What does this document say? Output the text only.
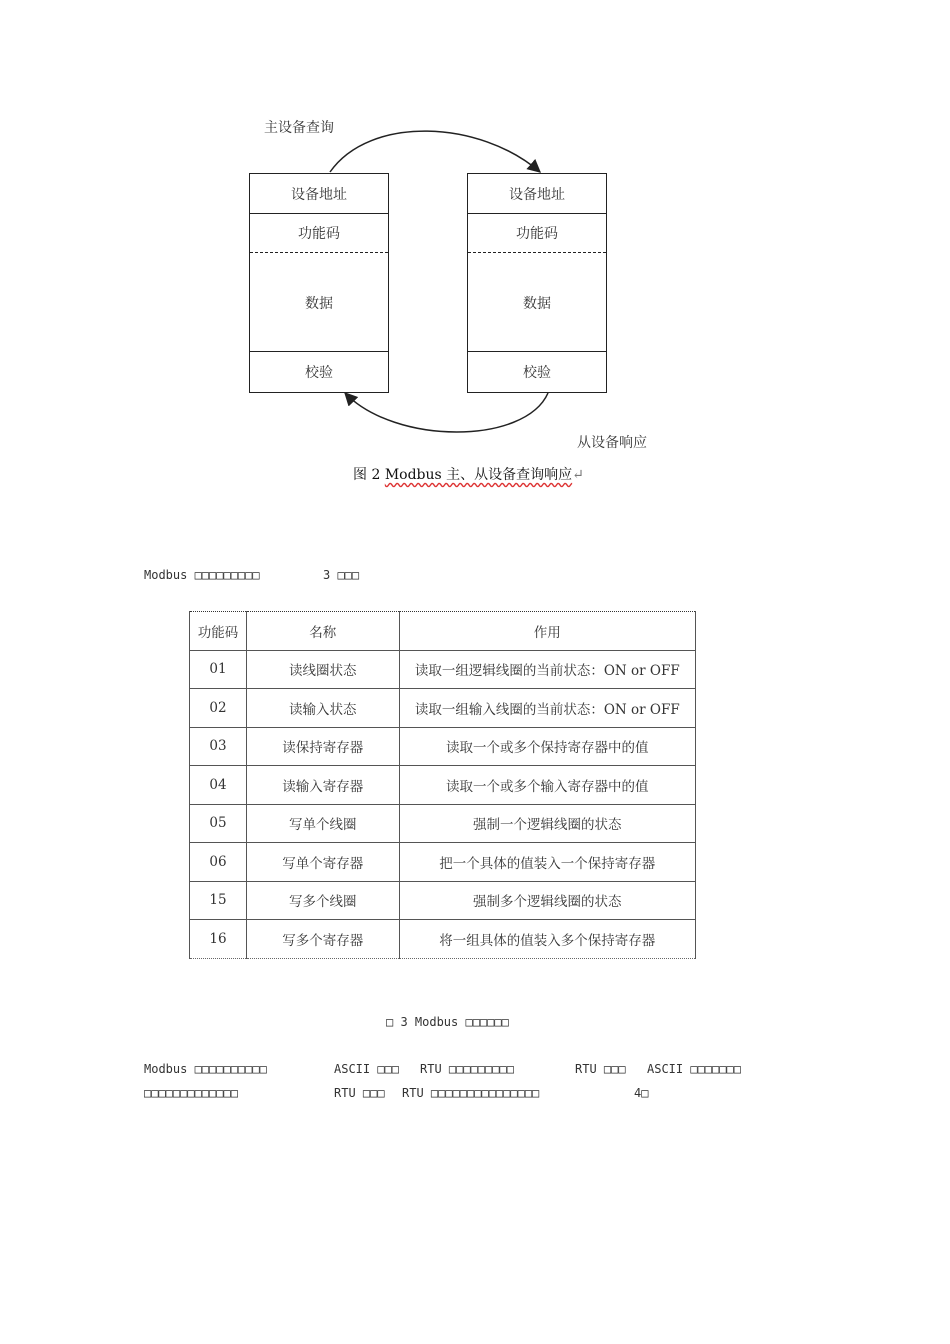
主设备查询
从设备响应
设备地址
功能码
数据
校验
设备地址
功能码
数据
校验
图 2 Modbus 主、从设备查询响应↵
Modbus □□□□□□□□□	3 □□□
功能码	名称	作用
01	读线圈状态	读取一组逻辑线圈的当前状态：ON or OFF
02	读输入状态	读取一组输入线圈的当前状态：ON or OFF
03	读保持寄存器	读取一个或多个保持寄存器中的值
04	读输入寄存器	读取一个或多个输入寄存器中的值
05	写单个线圈	强制一个逻辑线圈的状态
06	写单个寄存器	把一个具体的值装入一个保持寄存器
15	写多个线圈	强制多个逻辑线圈的状态
16	写多个寄存器	将一组具体的值装入多个保持寄存器
□ 3 Modbus □□□□□□
Modbus □□□□□□□□□□	ASCII □□□ RTU □□□□□□□□□	RTU □□□ ASCII □□□□□□□
□□□□□□□□□□□□□	RTU □□□ RTU □□□□□□□□□□□□□□□	4□
